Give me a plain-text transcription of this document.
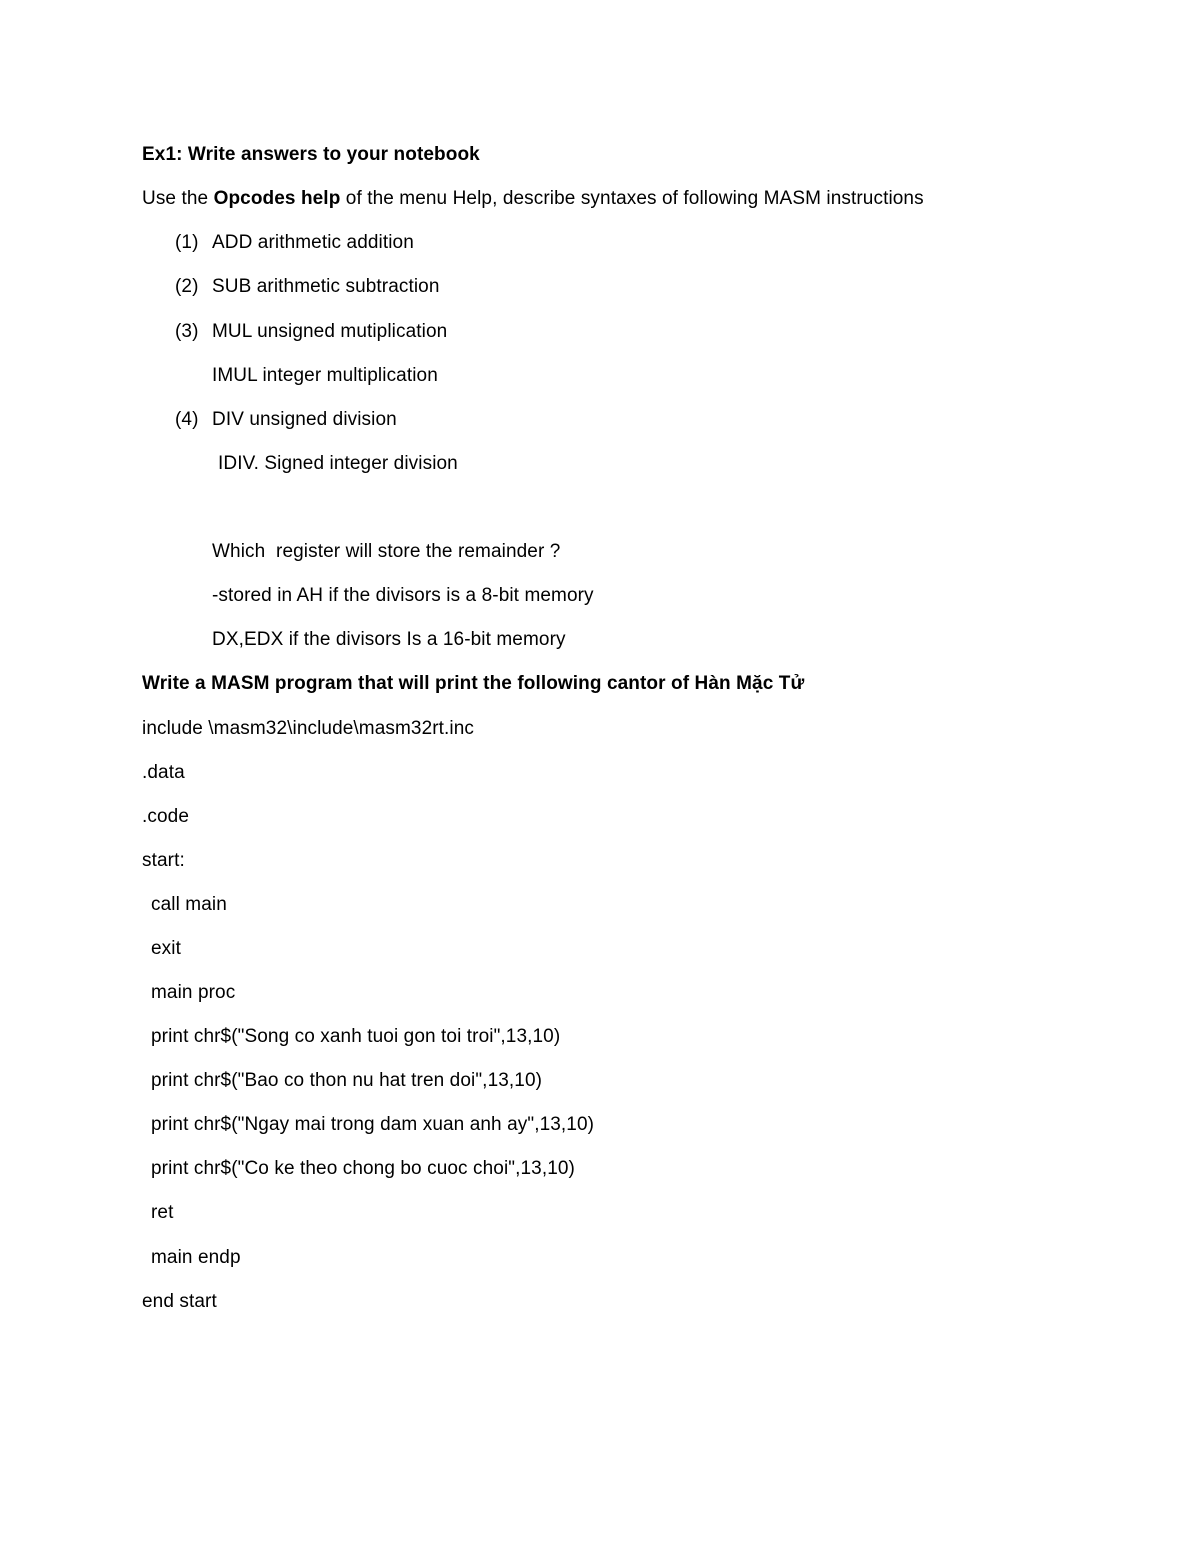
Ex1: Write answers to your notebook
Use the Opcodes help of the menu Help, describe syntaxes of following MASM instructions
(1) ADD arithmetic addition
(2) SUB arithmetic subtraction
(3) MUL unsigned mutiplication
IMUL integer multiplication
(4) DIV unsigned division
IDIV. Signed integer division
Which  register will store the remainder ?
-stored in AH if the divisors is a 8-bit memory
DX,EDX if the divisors Is a 16-bit memory
Write a MASM program that will print the following cantor of Hàn Mặc Tử
include \masm32\include\masm32rt.inc
.data
.code
start:
call main
exit
main proc
print chr$("Song co xanh tuoi gon toi troi",13,10)
print chr$("Bao co thon nu hat tren doi",13,10)
print chr$("Ngay mai trong dam xuan anh ay",13,10)
print chr$("Co ke theo chong bo cuoc choi",13,10)
ret
main endp
end start
